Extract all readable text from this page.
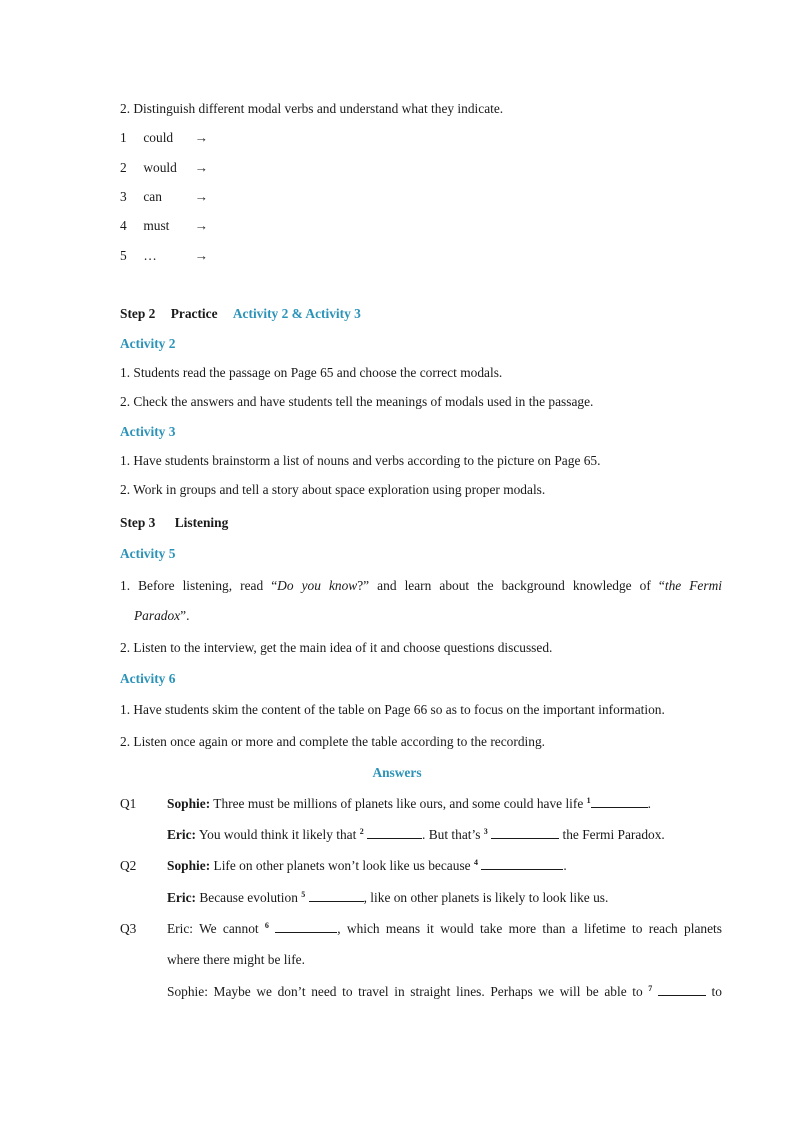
2. Distinguish different modal verbs and understand what they indicate.
1 could →
2 would →
3 can →
4 must →
5 …	→
Step 2 Practice Activity 2 & Activity 3
Activity 2
1. Students read the passage on Page 65 and choose the correct modals.
2. Check the answers and have students tell the meanings of modals used in the passage.
Activity 3
1. Have students brainstorm a list of nouns and verbs according to the picture on Page 65.
2. Work in groups and tell a story about space exploration using proper modals.
Step 3 Listening
Activity 5
1. Before listening, read “Do you know?” and learn about the background knowledge of “the Fermi
Paradox”.
2. Listen to the interview, get the main idea of it and choose questions discussed.
Activity 6
1. Have students skim the content of the table on Page 66 so as to focus on the important information.
2. Listen once again or more and complete the table according to the recording.
Answers
Q1 Sophie: Three must be millions of planets like ours, and some could have life $^1$	.
Eric: You would think it likely that $^2$	. But that’s $^3$	the Fermi Paradox.
Q2 Sophie: Life on other planets won’t look like us because $^4$	.
Eric: Because evolution $^5$	, like on other planets is likely to look like us.
Q3 Eric: We cannot $^6$	, which means it would take more than a lifetime to reach planets
where there might be life.
Sophie: Maybe we don’t need to travel in straight lines. Perhaps we will be able to $^7$	to
